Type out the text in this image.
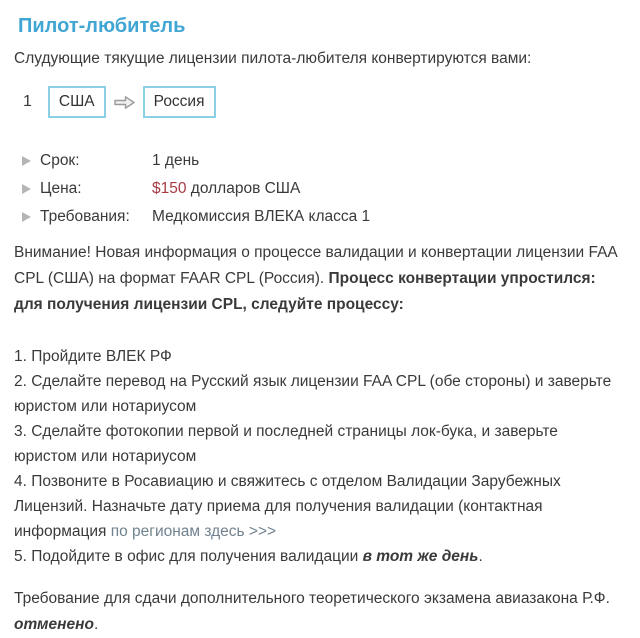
Пилот-любитель

Слудующие тякущие лицензии пилота-любителя конвертируются вами:

1	США	Россия
Срок:	1 день
Цена:	$150 долларов США
Требования:	Медкомиссия ВЛЕКА класса 1

Внимание! Новая информация о процессе валидации и конвертации лицензии FAA CPL (США) на формат FAAR CPL (Россия). Процесс конвертации упростился: для получения лицензии CPL, следуйте процессу:

1. Пройдите ВЛЕК РФ

2. Сделайте перевод на Русский язык лицензии FAA CPL (обе стороны) и заверьте юристом или нотариусом

3. Сделайте фотокопии первой и последней страницы лок-бука, и заверьте юристом или нотариусом

4. Позвоните в Росавиацию и свяжитесь с отделом Валидации Зарубежных Лицензий. Назначьте дату приема для получения валидации (контактная информация по регионам здесь >>>

5. Подойдите в офис для получения валидации в тот же день.

Требование для сдачи дополнительного теоретического экзамена авиазакона Р.Ф. отменено.
